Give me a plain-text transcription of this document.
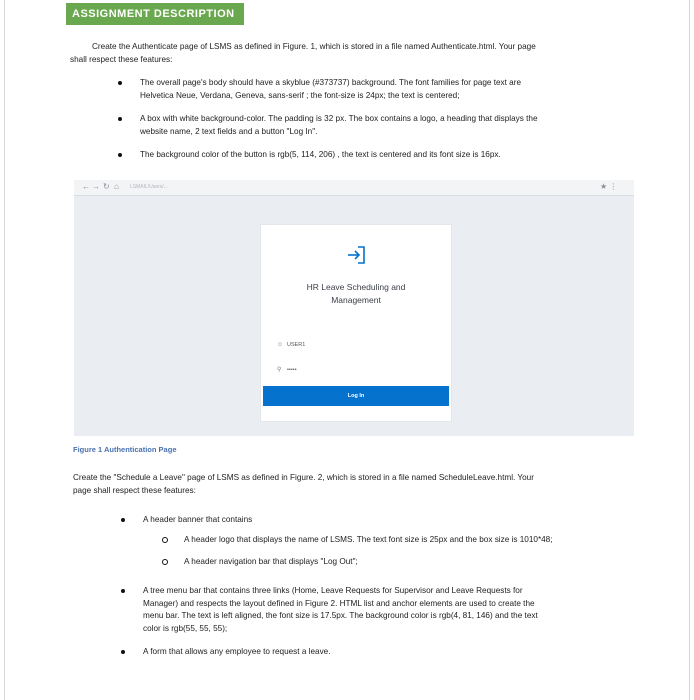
ASSIGNMENT DESCRIPTION
Create the Authenticate page of LSMS as defined in Figure. 1, which is stored in a file named Authenticate.html. Your page
shall respect these features:
The overall page's body should have a skyblue (#373737) background. The font families for page text are
Helvetica Neue, Verdana, Geneva, sans-serif ; the font-size is 24px; the text is centered;
A box with white background-color. The padding is 32 px. The box contains a logo, a heading that displays the
website name, 2 text fields and a button "Log In".
The background color of the button is rgb(5, 114, 206) , the text is centered and its font size is 16px.
← → ↻ ⌂ LSMAIL/Users/...	★ ⋮
HR Leave Scheduling and
Management
☺ USER1
⚲ •••••
Log In
Figure 1 Authentication Page
Create the "Schedule a Leave" page of LSMS as defined in Figure. 2, which is stored in a file named ScheduleLeave.html. Your
page shall respect these features:
A header banner that contains
A header logo that displays the name of LSMS. The text font size is 25px and the box size is 1010*48;
A header navigation bar that displays "Log Out";
A tree menu bar that contains three links (Home, Leave Requests for Supervisor and Leave Requests for
Manager) and respects the layout defined in Figure 2. HTML list and anchor elements are used to create the
menu bar. The text is left aligned, the font size is 17.5px. The background color is rgb(4, 81, 146) and the text
color is rgb(55, 55, 55);
A form that allows any employee to request a leave.
